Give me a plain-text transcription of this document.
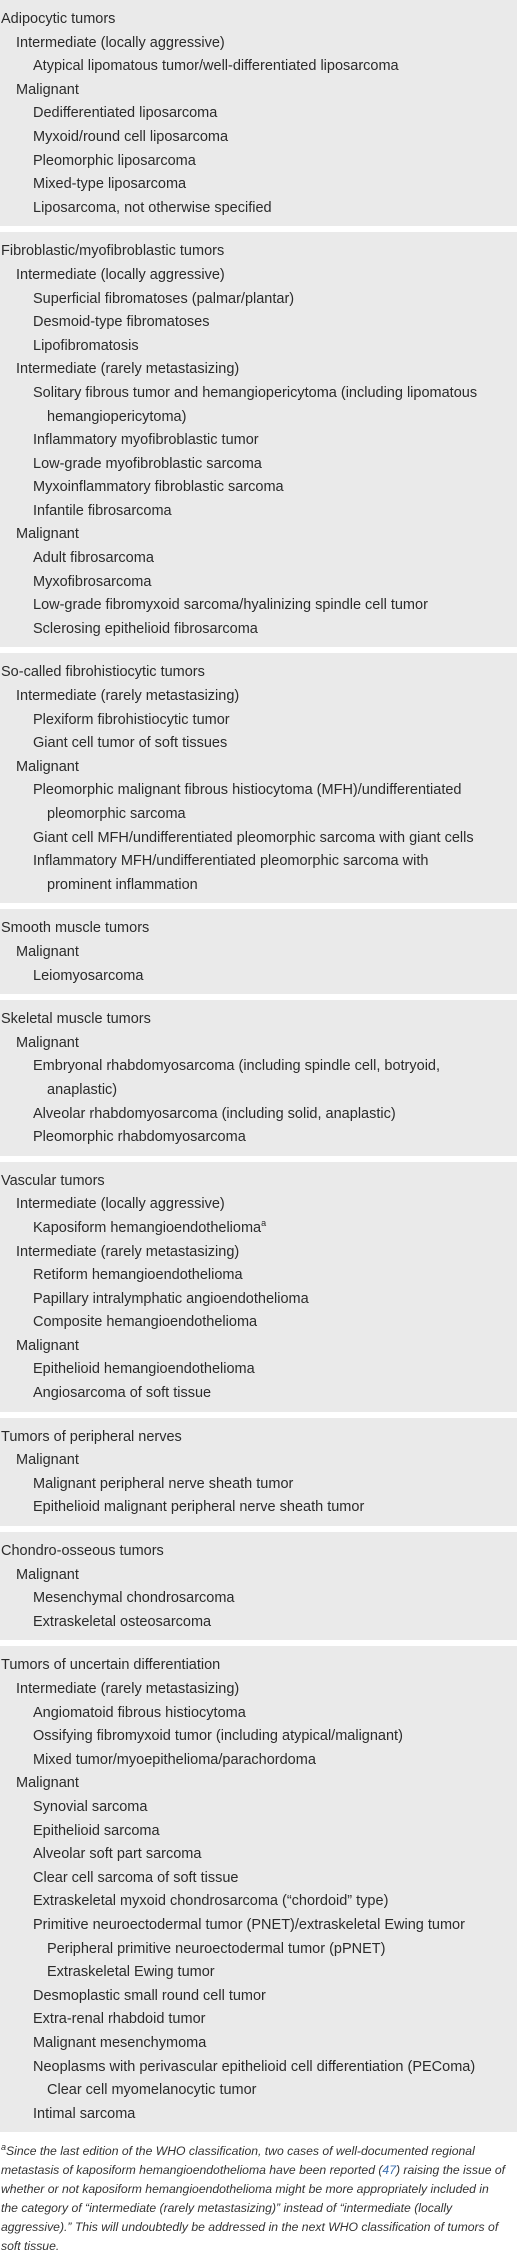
Adipocytic tumors
Intermediate (locally aggressive)
Atypical lipomatous tumor/well-differentiated liposarcoma
Malignant
Dedifferentiated liposarcoma
Myxoid/round cell liposarcoma
Pleomorphic liposarcoma
Mixed-type liposarcoma
Liposarcoma, not otherwise specified
Fibroblastic/myofibroblastic tumors
Intermediate (locally aggressive)
Superficial fibromatoses (palmar/plantar)
Desmoid-type fibromatoses
Lipofibromatosis
Intermediate (rarely metastasizing)
Solitary fibrous tumor and hemangiopericytoma (including lipomatous
hemangiopericytoma)
Inflammatory myofibroblastic tumor
Low-grade myofibroblastic sarcoma
Myxoinflammatory fibroblastic sarcoma
Infantile fibrosarcoma
Malignant
Adult fibrosarcoma
Myxofibrosarcoma
Low-grade fibromyxoid sarcoma/hyalinizing spindle cell tumor
Sclerosing epithelioid fibrosarcoma
So-called fibrohistiocytic tumors
Intermediate (rarely metastasizing)
Plexiform fibrohistiocytic tumor
Giant cell tumor of soft tissues
Malignant
Pleomorphic malignant fibrous histiocytoma (MFH)/undifferentiated
pleomorphic sarcoma
Giant cell MFH/undifferentiated pleomorphic sarcoma with giant cells
Inflammatory MFH/undifferentiated pleomorphic sarcoma with
prominent inflammation
Smooth muscle tumors
Malignant
Leiomyosarcoma
Skeletal muscle tumors
Malignant
Embryonal rhabdomyosarcoma (including spindle cell, botryoid,
anaplastic)
Alveolar rhabdomyosarcoma (including solid, anaplastic)
Pleomorphic rhabdomyosarcoma
Vascular tumors
Intermediate (locally aggressive)
Kaposiform hemangioendothelioma$^a$
Intermediate (rarely metastasizing)
Retiform hemangioendothelioma
Papillary intralymphatic angioendothelioma
Composite hemangioendothelioma
Malignant
Epithelioid hemangioendothelioma
Angiosarcoma of soft tissue
Tumors of peripheral nerves
Malignant
Malignant peripheral nerve sheath tumor
Epithelioid malignant peripheral nerve sheath tumor
Chondro-osseous tumors
Malignant
Mesenchymal chondrosarcoma
Extraskeletal osteosarcoma
Tumors of uncertain differentiation
Intermediate (rarely metastasizing)
Angiomatoid fibrous histiocytoma
Ossifying fibromyxoid tumor (including atypical/malignant)
Mixed tumor/myoepithelioma/parachordoma
Malignant
Synovial sarcoma
Epithelioid sarcoma
Alveolar soft part sarcoma
Clear cell sarcoma of soft tissue
Extraskeletal myxoid chondrosarcoma (“chordoid” type)
Primitive neuroectodermal tumor (PNET)/extraskeletal Ewing tumor
Peripheral primitive neuroectodermal tumor (pPNET)
Extraskeletal Ewing tumor
Desmoplastic small round cell tumor
Extra-renal rhabdoid tumor
Malignant mesenchymoma
Neoplasms with perivascular epithelioid cell differentiation (PEComa)
Clear cell myomelanocytic tumor
Intimal sarcoma
$^a$Since the last edition of the WHO classification, two cases of well-documented regional metastasis of kaposiform hemangioendothelioma have been reported (47) raising the issue of whether or not kaposiform hemangioendothelioma might be more appropriately included in the category of “intermediate (rarely metastasizing)” instead of “intermediate (locally aggressive).” This will undoubtedly be addressed in the next WHO classification of tumors of soft tissue.
